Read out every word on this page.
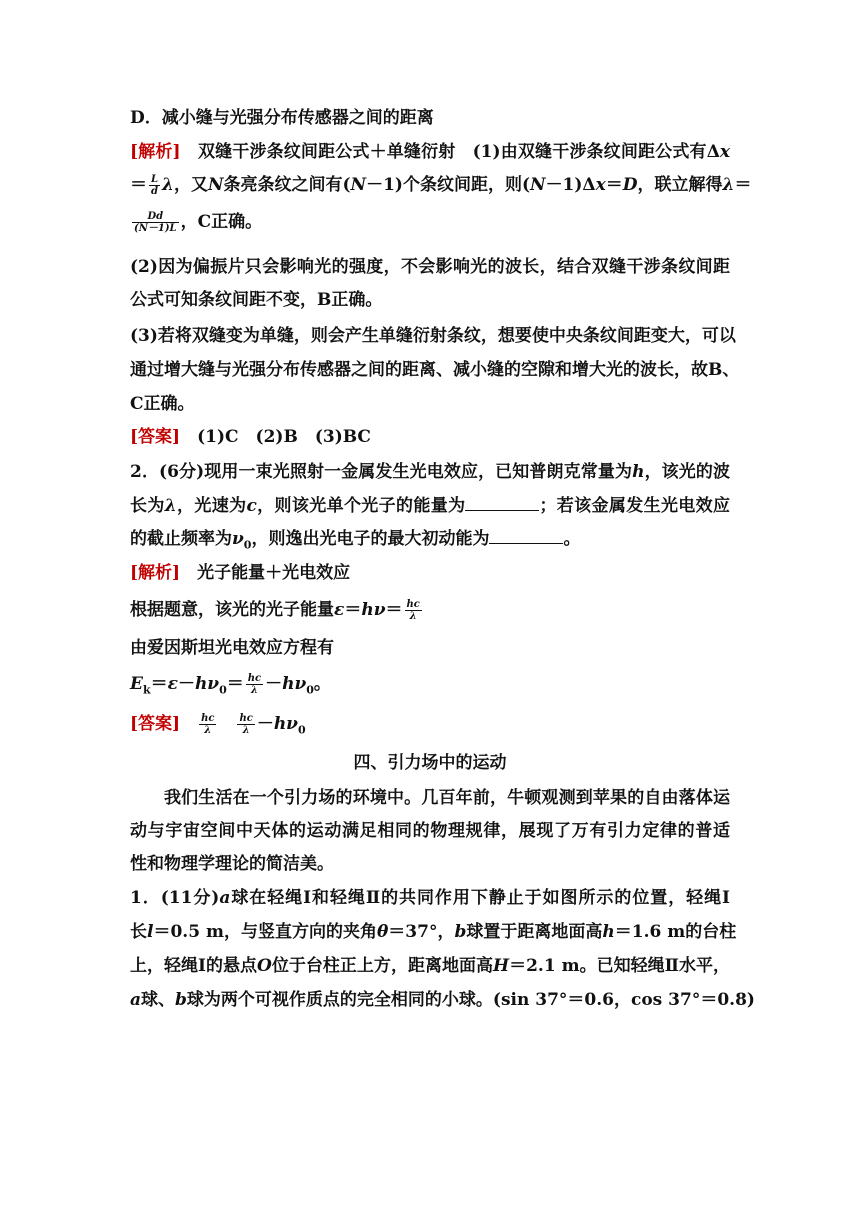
D．减小缝与光强分布传感器之间的距离
[解析]　 双缝干涉条纹间距公式＋单缝衍射　 (1)由双缝干涉条纹间距公式有Δx
＝ $\frac{L}{d}$ λ，又N条亮条纹之间有(N－1)个条纹间距，则(N－1)Δx＝D，联立解得λ＝
$\frac{Dd}{(N-1)L}$ ，C正确。
(2)因为偏振片只会影响光的强度，不会影响光的波长，结合双缝干涉条纹间距
公式可知条纹间距不变，B正确。
(3)若将双缝变为单缝，则会产生单缝衍射条纹，想要使中央条纹间距变大，可以
通过增大缝与光强分布传感器之间的距离、减小缝的空隙和增大光的波长，故B、
C正确。
[答案]　 (1)C　(2)B　(3)BC
2．(6分)现用一束光照射一金属发生光电效应，已知普朗克常量为h，该光的波
长为λ，光速为c，则该光单个光子的能量为	；若该金属发生光电效应
的截止频率为$\nu_0$，则逸出光电子的最大初动能为	。
[解析]　 光子能量＋光电效应
根据题意，该光的光子能量$\varepsilon=h\nu= \frac{hc}{\lambda}$
由爱因斯坦光电效应方程有
$E_k=\varepsilon-h\nu_0= \frac{hc}{\lambda} -h\nu_0$。
[答案]　 $\frac{hc}{\lambda}$
　 $\frac{hc}{\lambda} -h\nu_0$
四、引力场中的运动
我们生活在一个引力场的环境中。几百年前，牛顿观测到苹果的自由落体运
动与宇宙空间中天体的运动满足相同的物理规律，展现了万有引力定律的普适
性和物理学理论的简洁美。
1．(11分)a球在轻绳Ⅰ和轻绳Ⅱ的共同作用下静止于如图所示的位置，轻绳Ⅰ
长l＝0.5 m，与竖直方向的夹角θ＝37°，b球置于距离地面高h＝1.6 m的台柱
上，轻绳Ⅰ的悬点O位于台柱正上方，距离地面高H＝2.1 m。已知轻绳Ⅱ水平，
a球、b球为两个可视作质点的完全相同的小球。(sin 37°＝0.6，cos 37°＝0.8)
